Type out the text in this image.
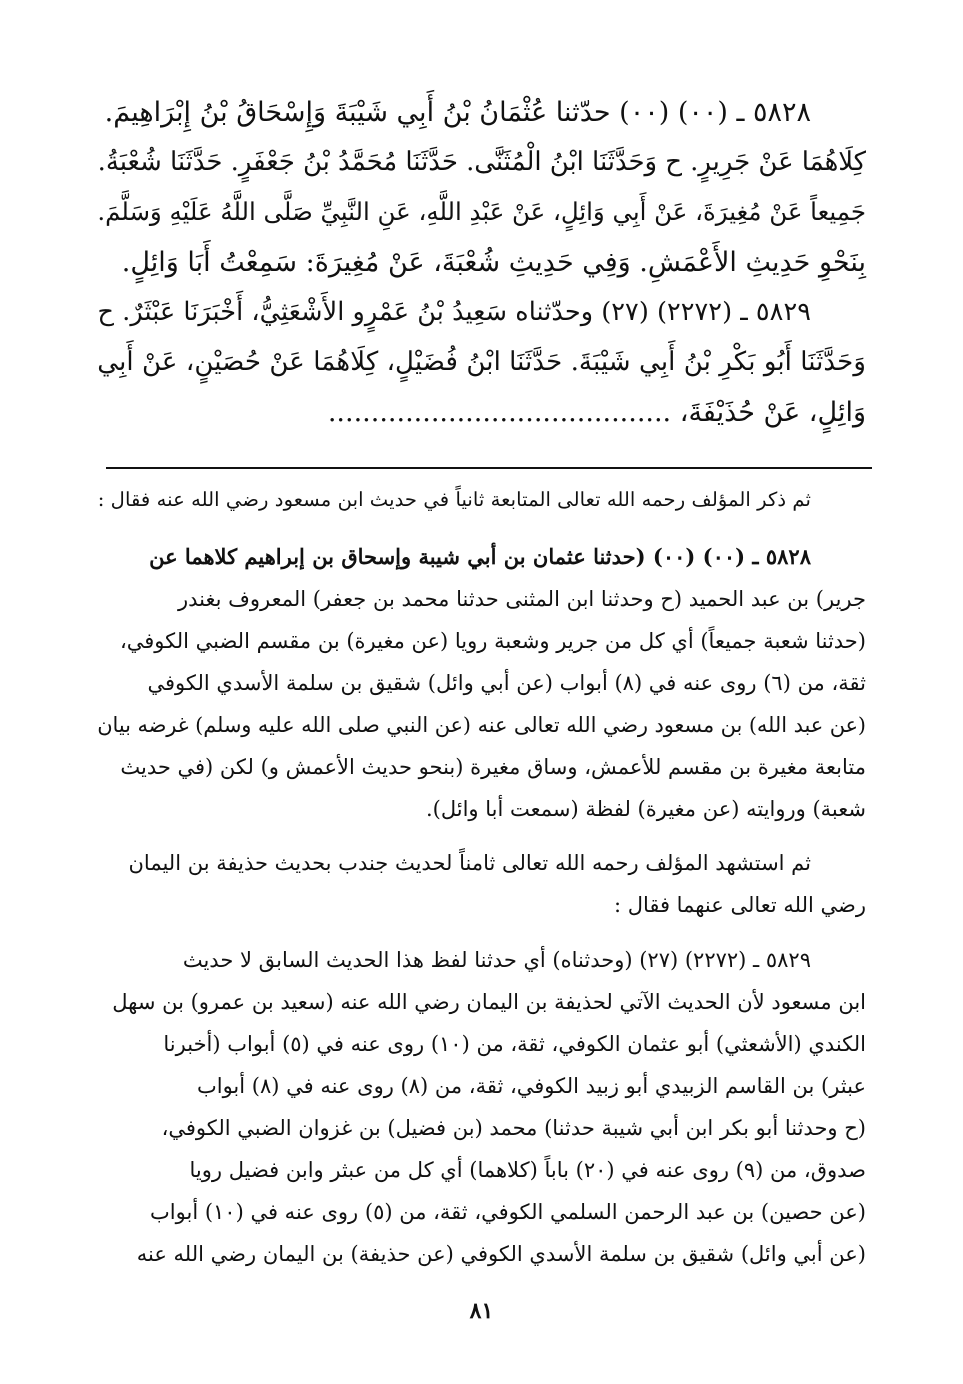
٥٨٢٨ ـ (٠٠) (٠٠) حدّثنا عُثْمَانُ بْنُ أَبِي شَيْبَةَ وَإِسْحَاقُ بْنُ إِبْرَاهِيمَ.

كِلَاهُمَا عَنْ جَرِيرٍ. ح وَحَدَّثَنَا ابْنُ الْمُثَنَّى. حَدَّثَنَا مُحَمَّدُ بْنُ جَعْفَرٍ. حَدَّثَنَا شُعْبَةُ.

جَمِيعاً عَنْ مُغِيرَةَ، عَنْ أَبِي وَائِلٍ، عَنْ عَبْدِ اللَّهِ، عَنِ النَّبِيِّ صَلَّى اللَّهُ عَلَيْهِ وَسَلَّمَ.

بِنَحْوِ حَدِيثِ الأَعْمَشِ. وَفِي حَدِيثِ شُعْبَةَ، عَنْ مُغِيرَةَ: سَمِعْتُ أَبَا وَائِلٍ.

٥٨٢٩ ـ (٢٢٧٢) (٢٧) وحدّثناه سَعِيدُ بْنُ عَمْرٍو الأَشْعَثِيُّ، أَخْبَرَنَا عَبْثَرٌ. ح

وَحَدَّثَنَا أَبُو بَكْرِ بْنُ أَبِي شَيْبَةَ. حَدَّثَنَا ابْنُ فُضَيْلٍ، كِلَاهُمَا عَنْ حُصَيْنٍ، عَنْ أَبِي

وَائِلٍ، عَنْ حُذَيْفَةَ، ........................................

ثم ذكر المؤلف رحمه الله تعالى المتابعة ثانياً في حديث ابن مسعود رضي الله عنه فقال :

٥٨٢٨ ـ (٠٠) (٠٠) (حدثنا عثمان بن أبي شيبة وإسحاق بن إبراهيم كلاهما عن

جرير) بن عبد الحميد (ح وحدثنا ابن المثنى حدثنا محمد بن جعفر) المعروف بغندر

(حدثنا شعبة جميعاً) أي كل من جرير وشعبة رويا (عن مغيرة) بن مقسم الضبي الكوفي،

ثقة، من (٦) روى عنه في (٨) أبواب (عن أبي وائل) شقيق بن سلمة الأسدي الكوفي

(عن عبد الله) بن مسعود رضي الله تعالى عنه (عن النبي صلى الله عليه وسلم) غرضه بيان

متابعة مغيرة بن مقسم للأعمش، وساق مغيرة (بنحو حديث الأعمش و) لكن (في حديث

شعبة) وروايته (عن مغيرة) لفظة (سمعت أبا وائل).

ثم استشهد المؤلف رحمه الله تعالى ثامناً لحديث جندب بحديث حذيفة بن اليمان

رضي الله تعالى عنهما فقال :

٥٨٢٩ ـ (٢٢٧٢) (٢٧) (وحدثناه) أي حدثنا لفظ هذا الحديث السابق لا حديث

ابن مسعود لأن الحديث الآتي لحذيفة بن اليمان رضي الله عنه (سعيد بن عمرو) بن سهل

الكندي (الأشعثي) أبو عثمان الكوفي، ثقة، من (١٠) روى عنه في (٥) أبواب (أخبرنا

عبثر) بن القاسم الزبيدي أبو زبيد الكوفي، ثقة، من (٨) روى عنه في (٨) أبواب

(ح وحدثنا أبو بكر ابن أبي شيبة حدثنا) محمد (بن فضيل) بن غزوان الضبي الكوفي،

صدوق، من (٩) روى عنه في (٢٠) باباً (كلاهما) أي كل من عبثر وابن فضيل رويا

(عن حصين) بن عبد الرحمن السلمي الكوفي، ثقة، من (٥) روى عنه في (١٠) أبواب

(عن أبي وائل) شقيق بن سلمة الأسدي الكوفي (عن حذيفة) بن اليمان رضي الله عنه

٨١
